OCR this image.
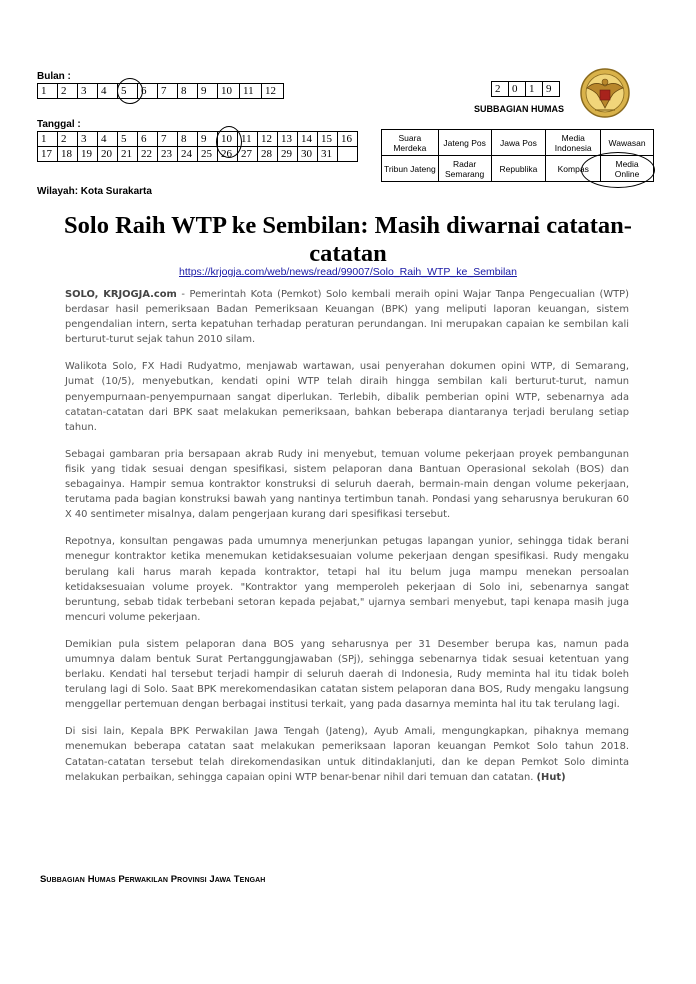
Bulan :
1	2	3	4	5	6	7	8	9	10	11	12
Tanggal :
1	2	3	4	5	6	7	8	9	10	11	12	13	14	15	16
17	18	19	20	21	22	23	24	25	26	27	28	29	30	31	
Wilayah: Kota Surakarta
2	0	1	9
SUBBAGIAN HUMAS
Suara Merdeka	Jateng Pos	Jawa Pos	Media Indonesia	Wawasan
Tribun Jateng	Radar Semarang	Republika	Kompas	Media Online
Solo Raih WTP ke Sembilan: Masih diwarnai catatan-catatan
https://krjogja.com/web/news/read/99007/Solo_Raih_WTP_ke_Sembilan

SOLO, KRJOGJA.com - Pemerintah Kota (Pemkot) Solo kembali meraih opini Wajar Tanpa Pengecualian (WTP) berdasar hasil pemeriksaan Badan Pemeriksaan Keuangan (BPK) yang meliputi laporan keuangan, sistem pengendalian intern, serta kepatuhan terhadap peraturan perundangan. Ini merupakan capaian ke sembilan kali berturut-turut sejak tahun 2010 silam.

Walikota Solo, FX Hadi Rudyatmo, menjawab wartawan, usai penyerahan dokumen opini WTP, di Semarang, Jumat (10/5), menyebutkan, kendati opini WTP telah diraih hingga sembilan kali berturut-turut, namun penyempurnaan-penyempurnaan sangat diperlukan. Terlebih, dibalik pemberian opini WTP, sebenarnya ada catatan-catatan dari BPK saat melakukan pemeriksaan, bahkan beberapa diantaranya terjadi berulang setiap tahun.

Sebagai gambaran pria bersapaan akrab Rudy ini menyebut, temuan volume pekerjaan proyek pembangunan fisik yang tidak sesuai dengan spesifikasi, sistem pelaporan dana Bantuan Operasional sekolah (BOS) dan sebagainya. Hampir semua kontraktor konstruksi di seluruh daerah, bermain-main dengan volume pekerjaan, terutama pada bagian konstruksi bawah yang nantinya tertimbun tanah. Pondasi yang seharusnya berukuran 60 X 40 sentimeter misalnya, dalam pengerjaan kurang dari spesifikasi tersebut.

Repotnya, konsultan pengawas pada umumnya menerjunkan petugas lapangan yunior, sehingga tidak berani menegur kontraktor ketika menemukan ketidaksesuaian volume pekerjaan dengan spesifikasi. Rudy mengaku berulang kali harus marah kepada kontraktor, tetapi hal itu belum juga mampu menekan persoalan ketidaksesuaian volume proyek. "Kontraktor yang memperoleh pekerjaan di Solo ini, sebenarnya sangat beruntung, sebab tidak terbebani setoran kepada pejabat," ujarnya sembari menyebut, tapi kenapa masih juga mencuri volume pekerjaan.

Demikian pula sistem pelaporan dana BOS yang seharusnya per 31 Desember berupa kas, namun pada umumnya dalam bentuk Surat Pertanggungjawaban (SPj), sehingga sebenarnya tidak sesuai ketentuan yang berlaku. Kendati hal tersebut terjadi hampir di seluruh daerah di Indonesia, Rudy meminta hal itu tidak boleh terulang lagi di Solo. Saat BPK merekomendasikan catatan sistem pelaporan dana BOS, Rudy mengaku langsung menggellar pertemuan dengan berbagai institusi terkait, yang pada dasarnya meminta hal itu tak terulang lagi.

Di sisi lain, Kepala BPK Perwakilan Jawa Tengah (Jateng), Ayub Amali, mengungkapkan, pihaknya memang menemukan beberapa catatan saat melakukan pemeriksaan laporan keuangan Pemkot Solo tahun 2018. Catatan-catatan tersebut telah direkomendasikan untuk ditindaklanjuti, dan ke depan Pemkot Solo diminta melakukan perbaikan, sehingga capaian opini WTP benar-benar nihil dari temuan dan catatan. (Hut)

Subbagian Humas Perwakilan Provinsi Jawa Tengah
